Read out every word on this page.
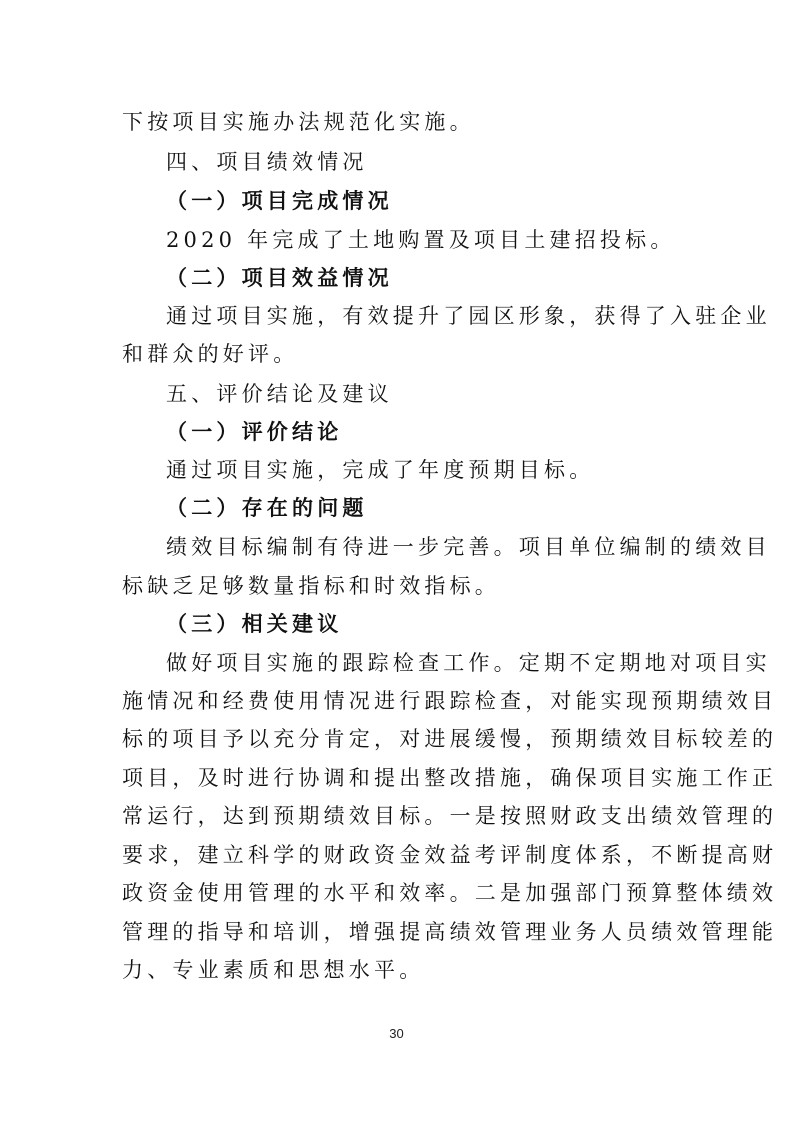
下按项目实施办法规范化实施。
四、项目绩效情况
（一）项目完成情况
2020 年完成了土地购置及项目土建招投标。
（二）项目效益情况
通过项目实施，有效提升了园区形象，获得了入驻企业
和群众的好评。
五、评价结论及建议
（一）评价结论
通过项目实施，完成了年度预期目标。
（二）存在的问题
绩效目标编制有待进一步完善。项目单位编制的绩效目
标缺乏足够数量指标和时效指标。
（三）相关建议
做好项目实施的跟踪检查工作。定期不定期地对项目实
施情况和经费使用情况进行跟踪检查，对能实现预期绩效目
标的项目予以充分肯定，对进展缓慢，预期绩效目标较差的
项目，及时进行协调和提出整改措施，确保项目实施工作正
常运行，达到预期绩效目标。一是按照财政支出绩效管理的
要求，建立科学的财政资金效益考评制度体系，不断提高财
政资金使用管理的水平和效率。二是加强部门预算整体绩效
管理的指导和培训，增强提高绩效管理业务人员绩效管理能
力、专业素质和思想水平。
30
